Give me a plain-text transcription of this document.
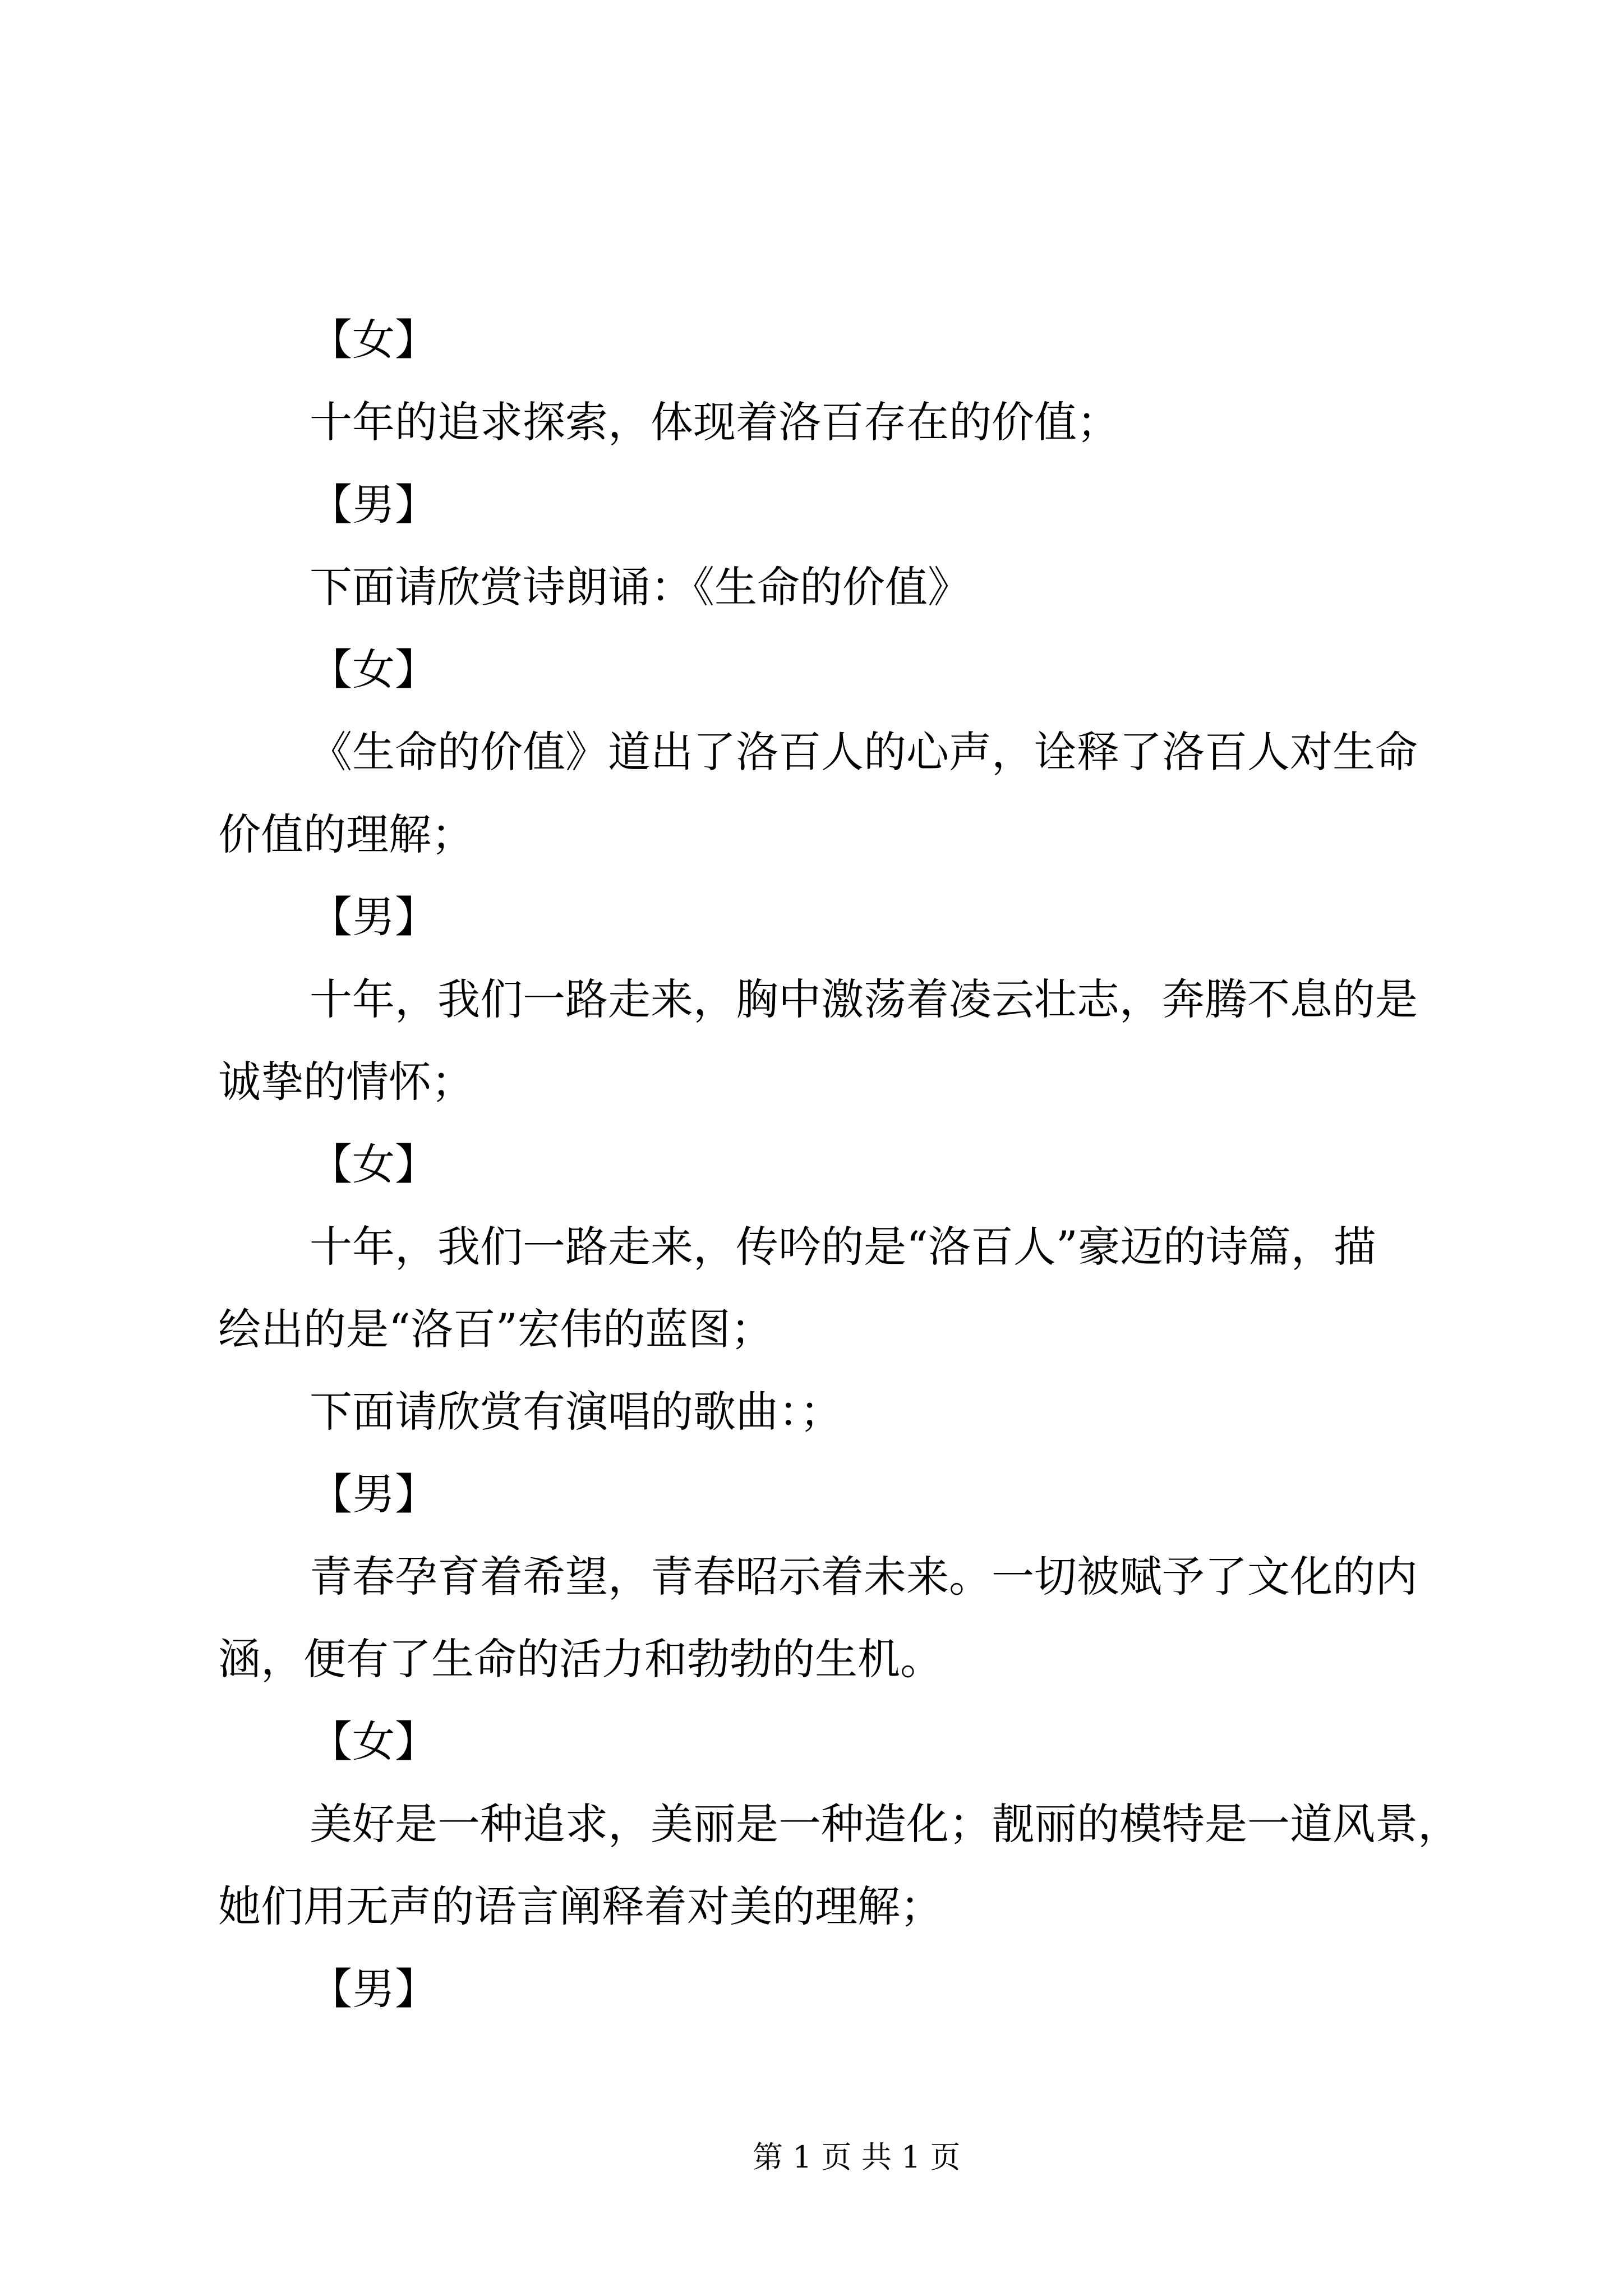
【女】
十年的追求探索，体现着洛百存在的价值；
【男】
下面请欣赏诗朗诵：《生命的价值》
【女】
《生命的价值》道出了洛百人的心声，诠释了洛百人对生命
价值的理解；
【男】
十年，我们一路走来，胸中激荡着凌云壮志，奔腾不息的是
诚挚的情怀；
【女】
十年，我们一路走来，传吟的是“洛百人”豪迈的诗篇，描
绘出的是“洛百”宏伟的蓝图；
下面请欣赏有演唱的歌曲：；
【男】
青春孕育着希望，青春昭示着未来。一切被赋予了文化的内
涵，便有了生命的活力和勃勃的生机。
【女】
美好是一种追求，美丽是一种造化；靓丽的模特是一道风景，
她们用无声的语言阐释着对美的理解；
【男】
第 1 页 共 1 页
